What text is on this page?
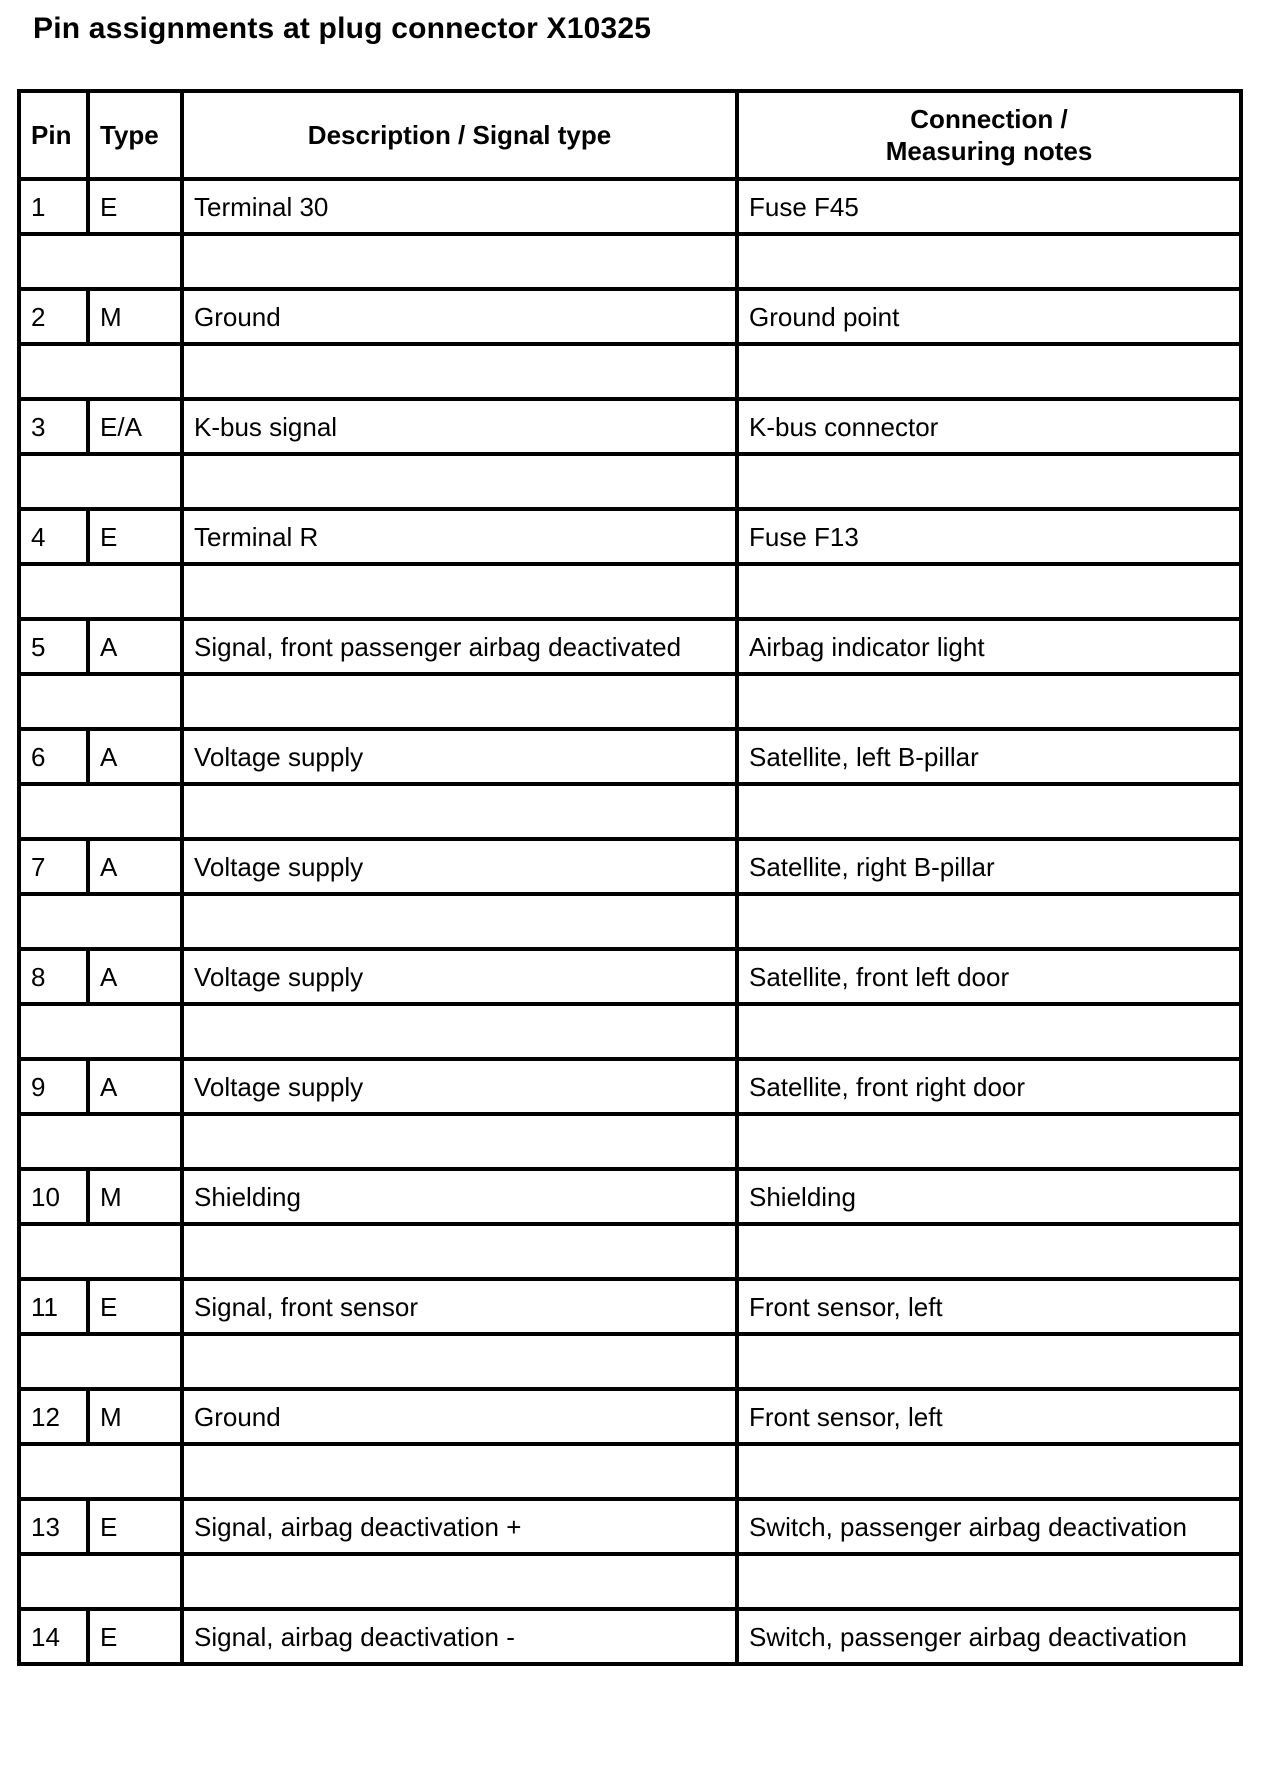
Pin assignments at plug connector X10325
Pin	Type	Description / Signal type	Connection /
Measuring notes
1	E	Terminal 30	Fuse F45

2	M	Ground	Ground point

3	E/A	K-bus signal	K-bus connector

4	E	Terminal R	Fuse F13

5	A	Signal, front passenger airbag deactivated	Airbag indicator light

6	A	Voltage supply	Satellite, left B-pillar

7	A	Voltage supply	Satellite, right B-pillar

8	A	Voltage supply	Satellite, front left door

9	A	Voltage supply	Satellite, front right door

10	M	Shielding	Shielding

11	E	Signal, front sensor	Front sensor, left

12	M	Ground	Front sensor, left

13	E	Signal, airbag deactivation +	Switch, passenger airbag deactivation

14	E	Signal, airbag deactivation -	Switch, passenger airbag deactivation
